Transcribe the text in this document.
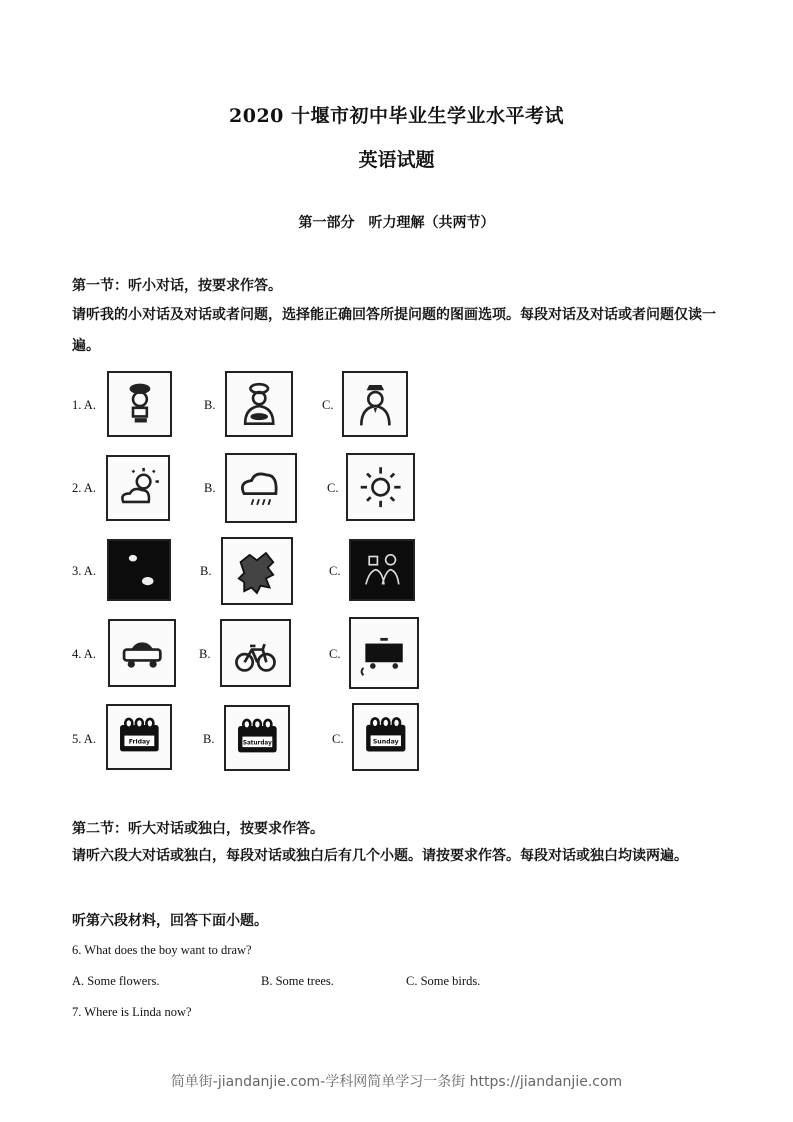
2020 十堰市初中毕业生学业水平考试
英语试题
第一部分　听力理解（共两节）
第一节：听小对话，按要求作答。
请听我的小对话及对话或者问题，选择能正确回答所提问题的图画选项。每段对话及对话或者问题仅读一遍。
1. A.	B.	C.
2. A.	B.	C.
3. A.	B.	C.
4. A.	B.	C.
5. A.	Friday	B.	Saturday	C.	Sunday
第二节：听大对话或独白，按要求作答。
请听六段大对话或独白，每段对话或独白后有几个小题。请按要求作答。每段对话或独白均读两遍。
听第六段材料，回答下面小题。
6. What does the boy want to draw?
A. Some flowers.	B. Some trees.	C. Some birds.
7. Where is Linda now?
简单街-jiandanjie.com-学科网简单学习一条街 https://jiandanjie.com
